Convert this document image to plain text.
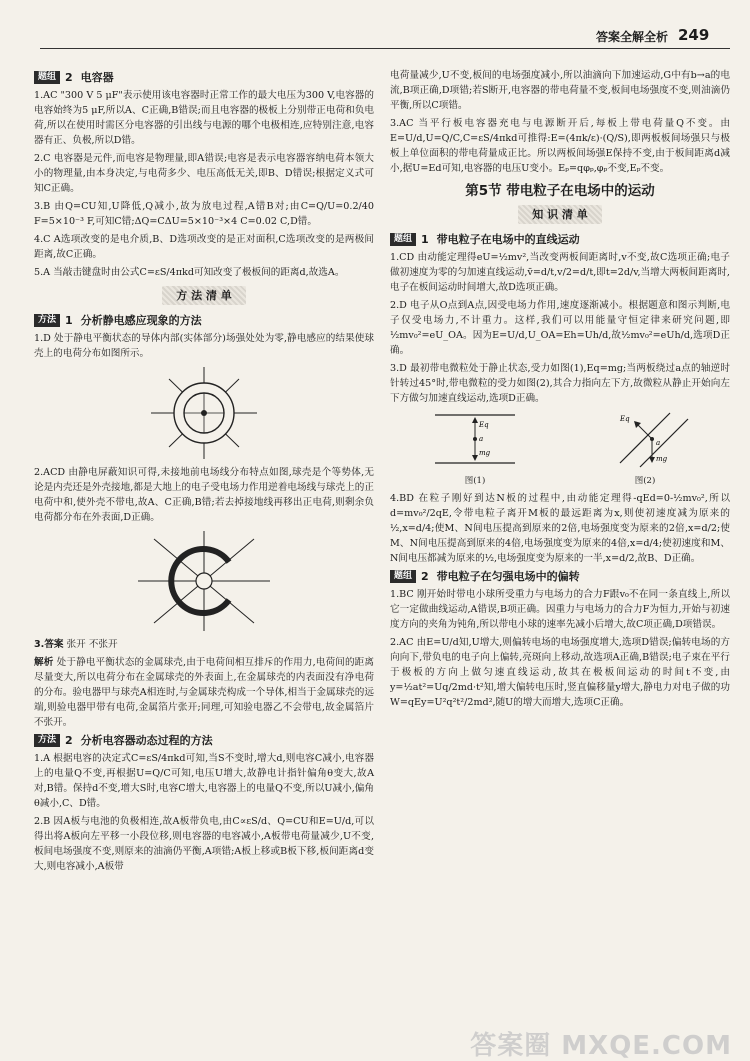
答案全解全析 249
题组 2 电容器
1.AC "300 V 5 μF"表示使用该电容器时正常工作的最大电压为300 V,电容器的电容始终为5 μF,所以A、C正确,B错误;而且电容器的极板上分别带正电荷和负电荷,所以在使用时需区分电容器的引出线与电源的哪个电极相连,应特别注意,电容器有正、负极,所以D错。
2.C 电容器是元件,而电容是物理量,即A错误;电容是表示电容器容纳电荷本领大小的物理量,由本身决定,与电荷多少、电压高低无关,即B、D错误;根据定义式可知C正确。
3.B 由Q=CU知,U降低,Q减小,故为放电过程,A错B对;由C=Q/U=0.2/40 F=5×10⁻³ F,可知C错;ΔQ=CΔU=5×10⁻³×4 C=0.02 C,D错。
4.C A选项改变的是电介质,B、D选项改变的是正对面积,C选项改变的是两极间距离,故C正确。
5.A 当敲击键盘时由公式C=εS/4πkd可知改变了极板间的距离d,故选A。
方 法 清 单
方法 1 分析静电感应现象的方法
1.D 处于静电平衡状态的导体内部(实体部分)场强处处为零,静电感应的结果使球壳上的电荷分布如图所示。
2.ACD 由静电屏蔽知识可得,未接地前电场线分布特点如图,球壳是个等势体,无论是内壳还是外壳接地,都是大地上的电子受电场力作用逆着电场线与球壳上的正电荷中和,使外壳不带电,故A、C正确,B错;若去掉接地线再移出正电荷,则剩余负电荷都分布在外表面,D正确。
3.答案 张开 不张开
解析 处于静电平衡状态的金属球壳,由于电荷间相互排斥的作用力,电荷间的距离尽量变大,所以电荷分布在金属球壳的外表面上,在金属球壳的内表面没有净电荷的分布。验电器甲与球壳A相连时,与金属球壳构成一个导体,相当于金属球壳的远端,则验电器甲带有电荷,金属箔片张开;同理,可知验电器乙不会带电,故金属箔片不张开。
方法 2 分析电容器动态过程的方法
1.A 根据电容的决定式C=εS/4πkd可知,当S不变时,增大d,则电容C减小,电容器上的电量Q不变,再根据U=Q/C可知,电压U增大,故静电计指针偏角θ变大,故A对,B错。保持d不变,增大S时,电容C增大,电容器上的电量Q不变,所以U减小,偏角θ减小,C、D错。
2.B 因A板与电池的负极相连,故A板带负电,由C∝εS/d、Q=CU和E=U/d,可以得出将A板向左平移一小段位移,则电容器的电容减小,A板带电荷量减少,U不变,板间电场强度不变,则原来的油滴仍平衡,A项错;A板上移或B板下移,板间距离d变大,则电容减小,A板带
电荷量减少,U不变,板间的电场强度减小,所以油滴向下加速运动,G中有b→a的电流,B项正确,D项错;若S断开,电容器的带电荷量不变,板间电场强度不变,则油滴仍平衡,所以C项错。
3.AC 当平行板电容器充电与电源断开后,每板上带电荷量Q不变。由E=U/d,U=Q/C,C=εS/4πkd可推得:E=(4πk/ε)·(Q/S),即两板板间场强只与极板上单位面积的带电荷量成正比。所以两板间场强E保持不变,由于板间距离d减小,据U=Ed可知,电容器的电压U变小。Eₚ=qφₚ,φₚ不变,Eₚ不变。
第5节 带电粒子在电场中的运动
知 识 清 单
题组 1 带电粒子在电场中的直线运动
1.CD 由动能定理得eU=½mv²,当改变两板间距离时,v不变,故C选项正确;电子做初速度为零的匀加速直线运动,v̄=d/t,v/2=d/t,即t=2d/v,当增大两板间距离时,电子在板间运动时间增大,故D选项正确。
2.D 电子从O点到A点,因受电场力作用,速度逐渐减小。根据题意和图示判断,电子仅受电场力,不计重力。这样,我们可以用能量守恒定律来研究问题,即½mv₀²=eU_OA。因为E=U/d,U_OA=Eh=Uh/d,故½mv₀²=eUh/d,选项D正确。
3.D 最初带电微粒处于静止状态,受力如图(1),Eq=mg;当两板绕过a点的轴逆时针转过45°时,带电微粒的受力如图(2),其合力指向左下方,故微粒从静止开始向左下方做匀加速直线运动,选项D正确。
Eq
a
mg
图(1)
Eq
a
mg
图(2)
4.BD 在粒子刚好到达N板的过程中,由动能定理得-qEd=0-½mv₀²,所以d=mv₀²/2qE,令带电粒子离开M板的最远距离为x,则使初速度减为原来的½,x=d/4;使M、N间电压提高到原来的2倍,电场强度变为原来的2倍,x=d/2;使M、N间电压提高到原来的4倍,电场强度变为原来的4倍,x=d/4;使初速度和M、N间电压都减为原来的½,电场强度变为原来的一半,x=d/2,故B、D正确。
题组 2 带电粒子在匀强电场中的偏转
1.BC 刚开始时带电小球所受重力与电场力的合力F跟v₀不在同一条直线上,所以它一定做曲线运动,A错误,B项正确。因重力与电场力的合力F为恒力,开始与初速度方向的夹角为钝角,所以带电小球的速率先减小后增大,故C项正确,D项错误。
2.AC 由E=U/d知,U增大,则偏转电场的电场强度增大,选项D错误;偏转电场的方向向下,带负电的电子向上偏转,亮斑向上移动,故选项A正确,B错误;电子束在平行于极板的方向上做匀速直线运动,故其在极板间运动的时间t不变,由y=½at²=Uq/2md·t²知,增大偏转电压时,竖直偏移量y增大,静电力对电子做的功W=qEy=U²q²t²/2md²,随U的增大而增大,选项C正确。
答案圈 MXQE.COM
